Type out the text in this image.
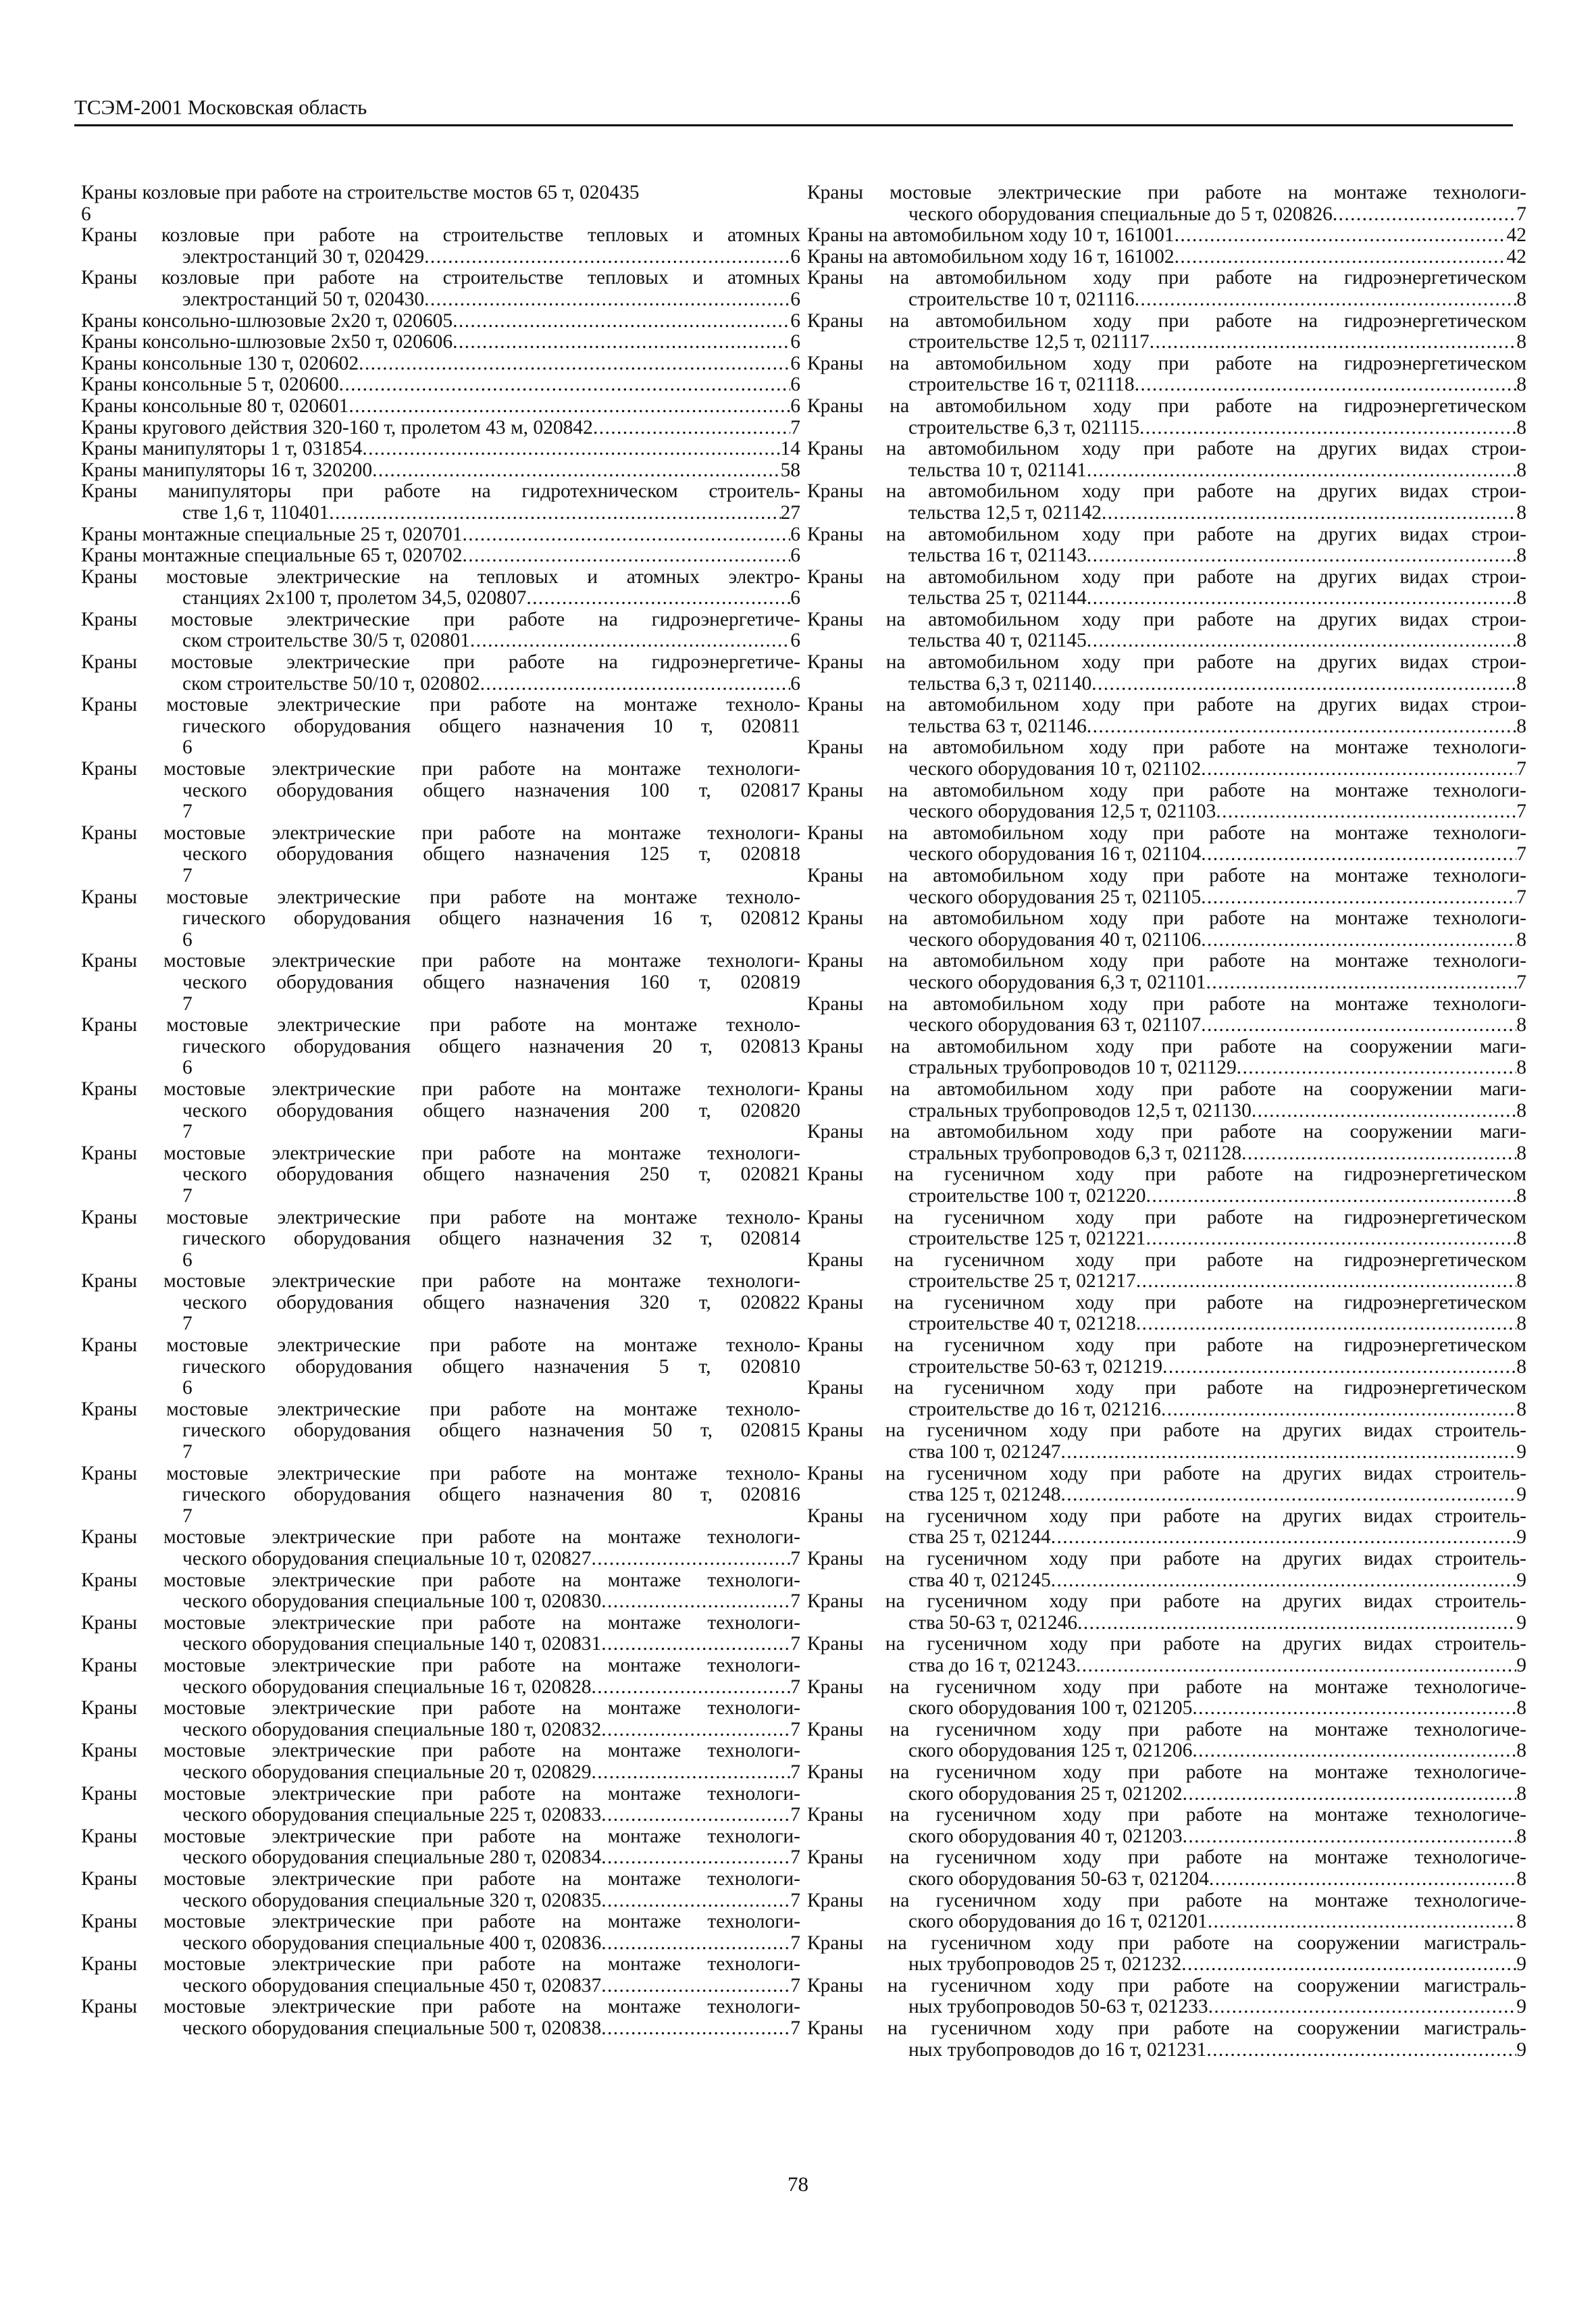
ТСЭМ-2001 Московская область
Краны козловые при работе на строительстве мостов 65 т, 020435
6
Краны козловые при работе на строительстве тепловых и атомных
электростанций 30 т, 020429 . . .	6
Краны козловые при работе на строительстве тепловых и атомных
электростанций 50 т, 020430 . . .	6
Краны консольно-шлюзовые 2х20 т, 020605 . . .	6
Краны консольно-шлюзовые 2х50 т, 020606 . . .	6
Краны консольные 130 т, 020602 . . .	6
Краны консольные 5 т, 020600 . . .	6
Краны консольные 80 т, 020601 . . .	6
Краны кругового действия 320-160 т, пролетом 43 м, 020842 . . .	7
Краны манипуляторы 1 т, 031854 . . .	14
Краны манипуляторы 16 т, 320200 . . .	58
Краны манипуляторы при работе на гидротехническом строитель-
стве 1,6 т, 110401 . . .	27
Краны монтажные специальные 25 т, 020701 . . .	6
Краны монтажные специальные 65 т, 020702 . . .	6
Краны мостовые электрические на тепловых и атомных электро-
станциях 2х100 т, пролетом 34,5, 020807 . . .	6
Краны мостовые электрические при работе на гидроэнергетиче-
ском строительстве 30/5 т, 020801 . . .	6
Краны мостовые электрические при работе на гидроэнергетиче-
ском строительстве 50/10 т, 020802 . . .	6
Краны мостовые электрические при работе на монтаже техноло-
гического оборудования общего назначения 10 т, 020811
6
Краны мостовые электрические при работе на монтаже технологи-
ческого оборудования общего назначения 100 т, 020817
7
Краны мостовые электрические при работе на монтаже технологи-
ческого оборудования общего назначения 125 т, 020818
7
Краны мостовые электрические при работе на монтаже техноло-
гического оборудования общего назначения 16 т, 020812
6
Краны мостовые электрические при работе на монтаже технологи-
ческого оборудования общего назначения 160 т, 020819
7
Краны мостовые электрические при работе на монтаже техноло-
гического оборудования общего назначения 20 т, 020813
6
Краны мостовые электрические при работе на монтаже технологи-
ческого оборудования общего назначения 200 т, 020820
7
Краны мостовые электрические при работе на монтаже технологи-
ческого оборудования общего назначения 250 т, 020821
7
Краны мостовые электрические при работе на монтаже техноло-
гического оборудования общего назначения 32 т, 020814
6
Краны мостовые электрические при работе на монтаже технологи-
ческого оборудования общего назначения 320 т, 020822
7
Краны мостовые электрические при работе на монтаже техноло-
гического оборудования общего назначения 5 т, 020810
6
Краны мостовые электрические при работе на монтаже техноло-
гического оборудования общего назначения 50 т, 020815
7
Краны мостовые электрические при работе на монтаже техноло-
гического оборудования общего назначения 80 т, 020816
7
Краны мостовые электрические при работе на монтаже технологи-
ческого оборудования специальные 10 т, 020827 . . .	7
Краны мостовые электрические при работе на монтаже технологи-
ческого оборудования специальные 100 т, 020830 . . .	7
Краны мостовые электрические при работе на монтаже технологи-
ческого оборудования специальные 140 т, 020831 . . .	7
Краны мостовые электрические при работе на монтаже технологи-
ческого оборудования специальные 16 т, 020828 . . .	7
Краны мостовые электрические при работе на монтаже технологи-
ческого оборудования специальные 180 т, 020832 . . .	7
Краны мостовые электрические при работе на монтаже технологи-
ческого оборудования специальные 20 т, 020829 . . .	7
Краны мостовые электрические при работе на монтаже технологи-
ческого оборудования специальные 225 т, 020833 . . .	7
Краны мостовые электрические при работе на монтаже технологи-
ческого оборудования специальные 280 т, 020834 . . .	7
Краны мостовые электрические при работе на монтаже технологи-
ческого оборудования специальные 320 т, 020835 . . .	7
Краны мостовые электрические при работе на монтаже технологи-
ческого оборудования специальные 400 т, 020836 . . .	7
Краны мостовые электрические при работе на монтаже технологи-
ческого оборудования специальные 450 т, 020837 . . .	7
Краны мостовые электрические при работе на монтаже технологи-
ческого оборудования специальные 500 т, 020838 . . .	7
Краны мостовые электрические при работе на монтаже технологи-
ческого оборудования специальные до 5 т, 020826 . . .	7
Краны на автомобильном ходу 10 т, 161001 . . .	42
Краны на автомобильном ходу 16 т, 161002 . . .	42
Краны на автомобильном ходу при работе на гидроэнергетическом
строительстве 10 т, 021116 . . .	8
Краны на автомобильном ходу при работе на гидроэнергетическом
строительстве 12,5 т, 021117 . . .	8
Краны на автомобильном ходу при работе на гидроэнергетическом
строительстве 16 т, 021118 . . .	8
Краны на автомобильном ходу при работе на гидроэнергетическом
строительстве 6,3 т, 021115 . . .	8
Краны на автомобильном ходу при работе на других видах строи-
тельства 10 т, 021141 . . .	8
Краны на автомобильном ходу при работе на других видах строи-
тельства 12,5 т, 021142 . . .	8
Краны на автомобильном ходу при работе на других видах строи-
тельства 16 т, 021143 . . .	8
Краны на автомобильном ходу при работе на других видах строи-
тельства 25 т, 021144 . . .	8
Краны на автомобильном ходу при работе на других видах строи-
тельства 40 т, 021145 . . .	8
Краны на автомобильном ходу при работе на других видах строи-
тельства 6,3 т, 021140 . . .	8
Краны на автомобильном ходу при работе на других видах строи-
тельства 63 т, 021146 . . .	8
Краны на автомобильном ходу при работе на монтаже технологи-
ческого оборудования 10 т, 021102 . . .	7
Краны на автомобильном ходу при работе на монтаже технологи-
ческого оборудования 12,5 т, 021103 . . .	7
Краны на автомобильном ходу при работе на монтаже технологи-
ческого оборудования 16 т, 021104 . . .	7
Краны на автомобильном ходу при работе на монтаже технологи-
ческого оборудования 25 т, 021105 . . .	7
Краны на автомобильном ходу при работе на монтаже технологи-
ческого оборудования 40 т, 021106 . . .	8
Краны на автомобильном ходу при работе на монтаже технологи-
ческого оборудования 6,3 т, 021101 . . .	7
Краны на автомобильном ходу при работе на монтаже технологи-
ческого оборудования 63 т, 021107 . . .	8
Краны на автомобильном ходу при работе на сооружении маги-
стральных трубопроводов 10 т, 021129 . . .	8
Краны на автомобильном ходу при работе на сооружении маги-
стральных трубопроводов 12,5 т, 021130 . . .	8
Краны на автомобильном ходу при работе на сооружении маги-
стральных трубопроводов 6,3 т, 021128 . . .	8
Краны на гусеничном ходу при работе на гидроэнергетическом
строительстве 100 т, 021220 . . .	8
Краны на гусеничном ходу при работе на гидроэнергетическом
строительстве 125 т, 021221 . . .	8
Краны на гусеничном ходу при работе на гидроэнергетическом
строительстве 25 т, 021217 . . .	8
Краны на гусеничном ходу при работе на гидроэнергетическом
строительстве 40 т, 021218 . . .	8
Краны на гусеничном ходу при работе на гидроэнергетическом
строительстве 50-63 т, 021219 . . .	8
Краны на гусеничном ходу при работе на гидроэнергетическом
строительстве до 16 т, 021216 . . .	8
Краны на гусеничном ходу при работе на других видах строитель-
ства 100 т, 021247 . . .	9
Краны на гусеничном ходу при работе на других видах строитель-
ства 125 т, 021248 . . .	9
Краны на гусеничном ходу при работе на других видах строитель-
ства 25 т, 021244 . . .	9
Краны на гусеничном ходу при работе на других видах строитель-
ства 40 т, 021245 . . .	9
Краны на гусеничном ходу при работе на других видах строитель-
ства 50-63 т, 021246 . . .	9
Краны на гусеничном ходу при работе на других видах строитель-
ства до 16 т, 021243 . . .	9
Краны на гусеничном ходу при работе на монтаже технологиче-
ского оборудования 100 т, 021205 . . .	8
Краны на гусеничном ходу при работе на монтаже технологиче-
ского оборудования 125 т, 021206 . . .	8
Краны на гусеничном ходу при работе на монтаже технологиче-
ского оборудования 25 т, 021202 . . .	8
Краны на гусеничном ходу при работе на монтаже технологиче-
ского оборудования 40 т, 021203 . . .	8
Краны на гусеничном ходу при работе на монтаже технологиче-
ского оборудования 50-63 т, 021204 . . .	8
Краны на гусеничном ходу при работе на монтаже технологиче-
ского оборудования до 16 т, 021201 . . .	8
Краны на гусеничном ходу при работе на сооружении магистраль-
ных трубопроводов 25 т, 021232 . . .	9
Краны на гусеничном ходу при работе на сооружении магистраль-
ных трубопроводов 50-63 т, 021233 . . .	9
Краны на гусеничном ходу при работе на сооружении магистраль-
ных трубопроводов до 16 т, 021231 . . .	9
78
